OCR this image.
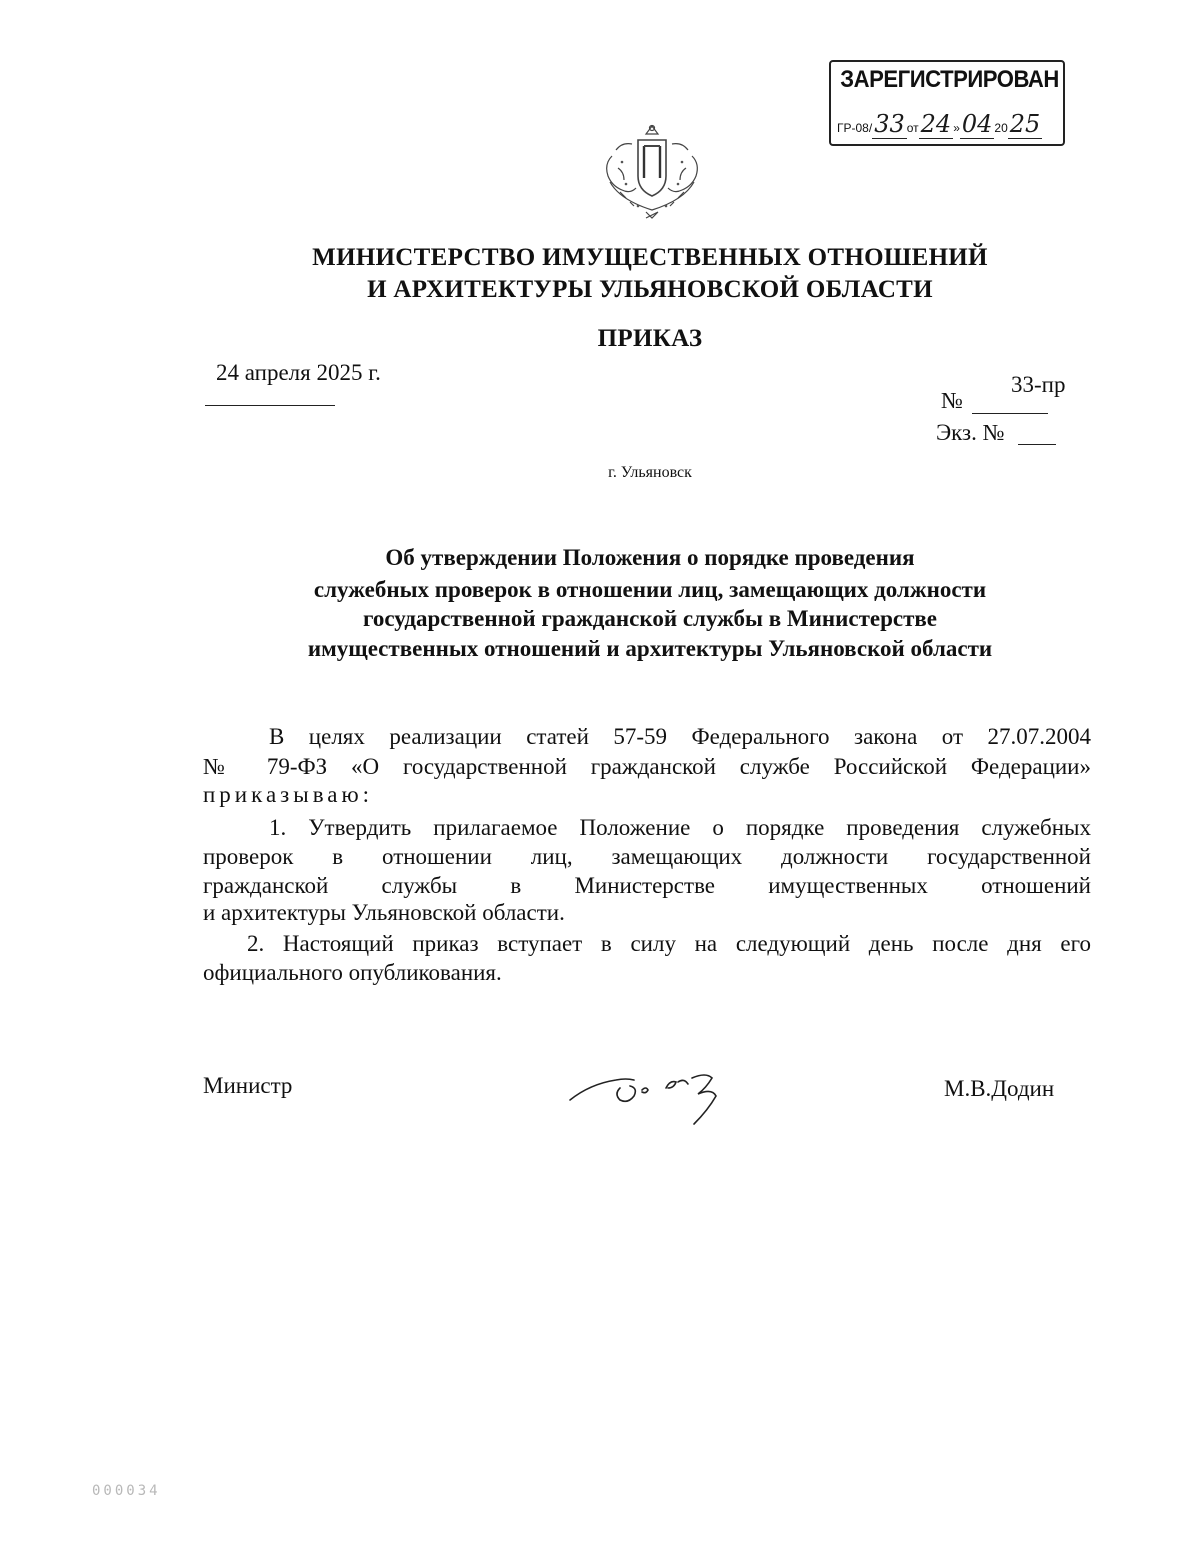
ЗАРЕГИСТРИРОВАН
ГР-08/33 от24 »04 2025
МИНИСТЕРСТВО ИМУЩЕСТВЕННЫХ ОТНОШЕНИЙ
И АРХИТЕКТУРЫ УЛЬЯНОВСКОЙ ОБЛАСТИ
ПРИКАЗ
24 апреля 2025 г.
№
33-пр
Экз. №
г. Ульяновск
Об утверждении Положения о порядке проведения
служебных проверок в отношении лиц, замещающих должности
государственной гражданской службы в Министерстве
имущественных отношений и архитектуры Ульяновской области
В целях реализации статей 57-59 Федерального закона от 27.07.2004
№ 79-ФЗ «О государственной гражданской службе Российской Федерации»
приказываю:
1. Утвердить прилагаемое Положение о порядке проведения служебных
проверок в отношении лиц, замещающих должности государственной
гражданской службы в Министерстве имущественных отношений
и архитектуры Ульяновской области.
2. Настоящий приказ вступает в силу на следующий день после дня его
официального опубликования.
Министр	М.В.Додин
000034
